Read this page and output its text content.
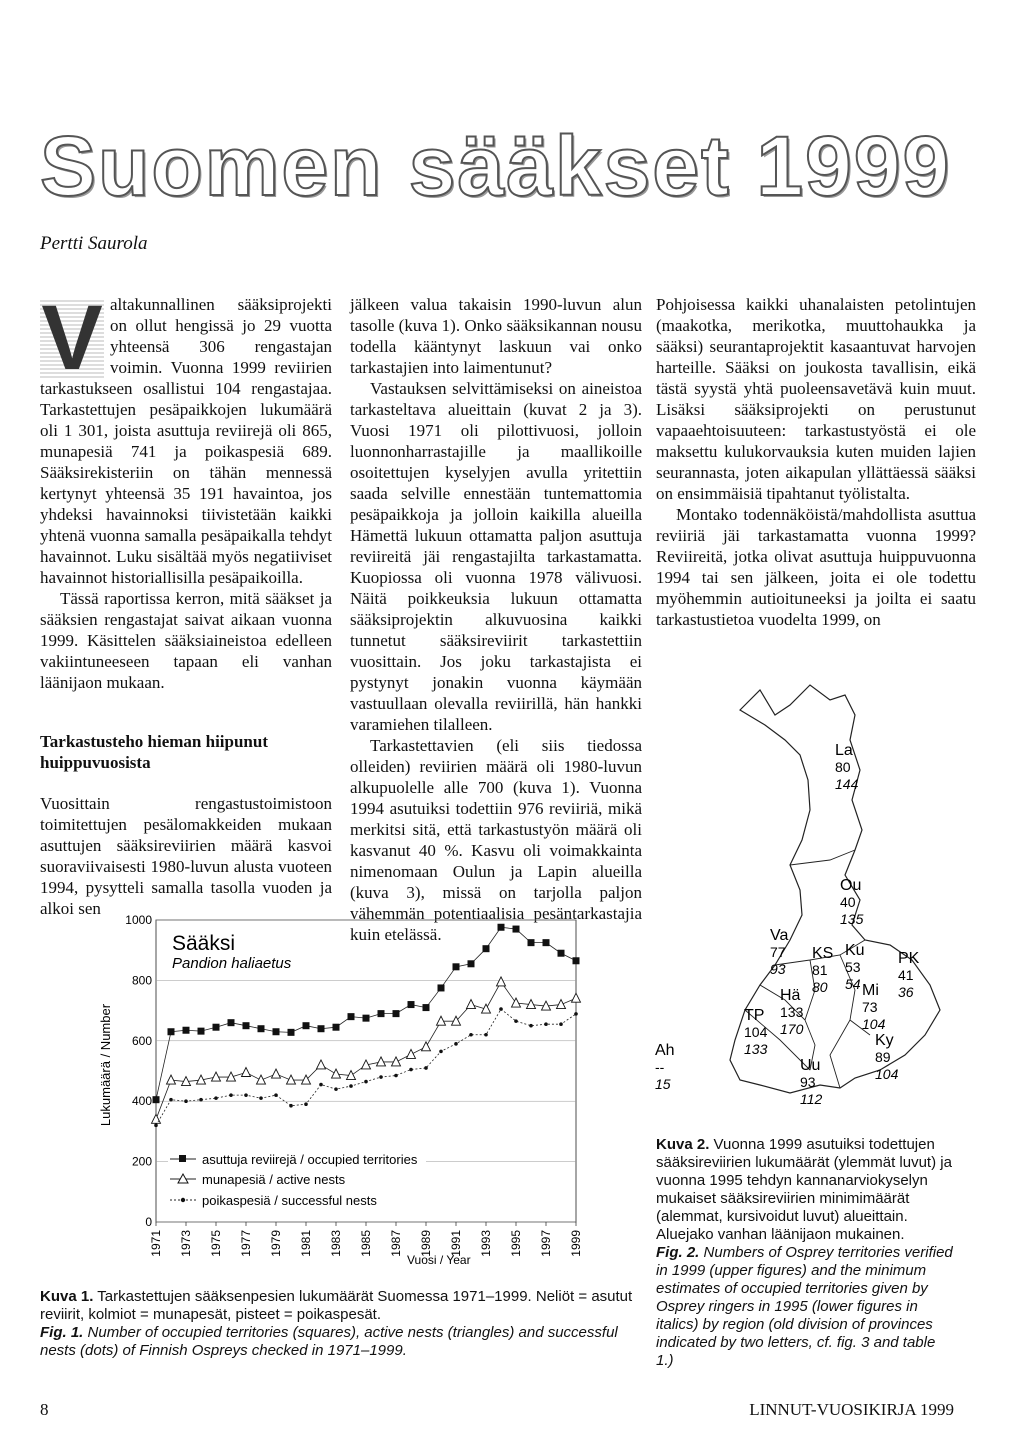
Suomen sääkset 1999
Pertti Saurola
V altakunnallinen sääksiprojekti on ollut hengissä jo 29 vuotta yhteensä 306 rengastajan voimin. Vuonna 1999 reviirien tarkastukseen osallistui 104 rengastajaa. Tarkastettujen pesäpaikkojen lukumäärä oli 1 301, joista asuttuja reviirejä oli 865, munapesiä 741 ja poikaspesiä 689. Sääksirekisteriin on tähän mennessä kertynyt yhteensä 35 191 havaintoa, jos yhdeksi havainnoksi tiivistetään kaikki yhtenä vuonna samalla pesäpaikalla tehdyt havainnot. Luku sisältää myös negatiiviset havainnot historiallisilla pesäpaikoilla.

Tässä raportissa kerron, mitä sääkset ja sääksien rengastajat saivat aikaan vuonna 1999. Käsittelen sääksiaineistoa edelleen vakiintuneeseen tapaan eli vanhan läänijaon mukaan.

Tarkastusteho hieman hiipunut huippuvuosista

Vuosittain rengastustoimistoon toimitettujen pesälomakkeiden mukaan asuttujen sääksireviirien määrä kasvoi suoraviivaisesti 1980-luvun alusta vuoteen 1994, pysytteli samalla tasolla vuoden ja alkoi sen

jälkeen valua takaisin 1990-luvun alun tasolle (kuva 1). Onko sääksikannan nousu todella kääntynyt laskuun vai onko tarkastajien into laimentunut?

Vastauksen selvittämiseksi on aineistoa tarkasteltava alueittain (kuvat 2 ja 3). Vuosi 1971 oli pilottivuosi, jolloin luonnonharrastajille ja maallikoille osoitettujen kyselyjen avulla yritettiin saada selville ennestään tuntemattomia pesäpaikkoja ja jolloin kaikilla alueilla Hämettä lukuun ottamatta paljon asuttuja reviireitä jäi rengastajilta tarkastamatta. Kuopiossa oli vuonna 1978 välivuosi. Näitä poikkeuksia lukuun ottamatta sääksiprojektin alkuvuosina kaikki tunnetut sääksireviirit tarkastettiin vuosittain. Jos joku tarkastajista ei pystynyt jonakin vuonna käymään vastuullaan olevalla reviirillä, hän hankki varamiehen tilalleen.

Tarkastettavien (eli siis tiedossa olleiden) reviirien määrä oli 1980-luvun alkupuolelle alle 700 (kuva 1). Vuonna 1994 asutuiksi todettiin 976 reviiriä, mikä merkitsi sitä, että tarkastustyön määrä oli kasvanut 40 %. Kasvu oli voimakkainta nimenomaan Oulun ja Lapin alueilla (kuva 3), missä on tarjolla paljon vähemmän potentiaalisia pesäntarkastajia kuin etelässä.

Pohjoisessa kaikki uhanalaisten petolintujen (maakotka, merikotka, muuttohaukka ja sääksi) seurantaprojektit kasaantuvat harvojen harteille. Sääksi on joukosta tavallisin, eikä tästä syystä yhtä puoleensavetävä kuin muut. Lisäksi sääksiprojekti on perustunut vapaaehtoisuuteen: tarkastustyöstä ei ole maksettu kulukorvauksia kuten muiden lajien seurannasta, joten aikapulan yllättäessä sääksi on ensimmäisiä tipahtanut työlistalta.

Montako todennäköistä/mahdollista asuttua reviiriä jäi tarkastamatta vuonna 1999? Reviireitä, jotka olivat asuttuja huippuvuonna 1994 tai sen jälkeen, joita ei ole todettu myöhemmin autioituneeksi ja joilta ei saatu tarkastustietoa vuodelta 1999, on

0
200
400
600
800
1000
1971 1973 1975 1977 1979 1981 1983 1985 1987 1989 1991 1993 1995 1997 1999
Sääksi
Pandion haliaetus
Lukumäärä / Number
Vuosi / Year
asuttuja reviirejä / occupied territories
munapesiä / active nests
poikaspesiä / successful nests
Kuva 1. Tarkastettujen sääksenpesien lukumäärät Suomessa 1971–1999. Neliöt = asutut reviirit, kolmiot = munapesät, pisteet = poikaspesät.
Fig. 1. Number of occupied territories (squares), active nests (triangles) and successful nests (dots) of Finnish Ospreys checked in 1971–1999.
La
80
144
Ou
40
135
Va
77
93
KS
81
80
Ku
53
54
PK
41
36
Mi
73
104
Hä
133
170
TP
104
133	Ky
89
104
Uu
93
112
Ah
--
15
Kuva 2. Vuonna 1999 asutuiksi todettujen sääksireviirien lukumäärät (ylemmät luvut) ja vuonna 1995 tehdyn kannanarviokyselyn mukaiset sääksireviirien minimimäärät (alemmat, kursivoidut luvut) alueittain. Aluejako vanhan läänijaon mukainen.
Fig. 2. Numbers of Osprey territories verified in 1999 (upper figures) and the minimum estimates of occupied territories given by Osprey ringers in 1995 (lower figures in italics) by region (old division of provinces indicated by two letters, cf. fig. 3 and table 1.)
8	LINNUT-VUOSIKIRJA 1999
